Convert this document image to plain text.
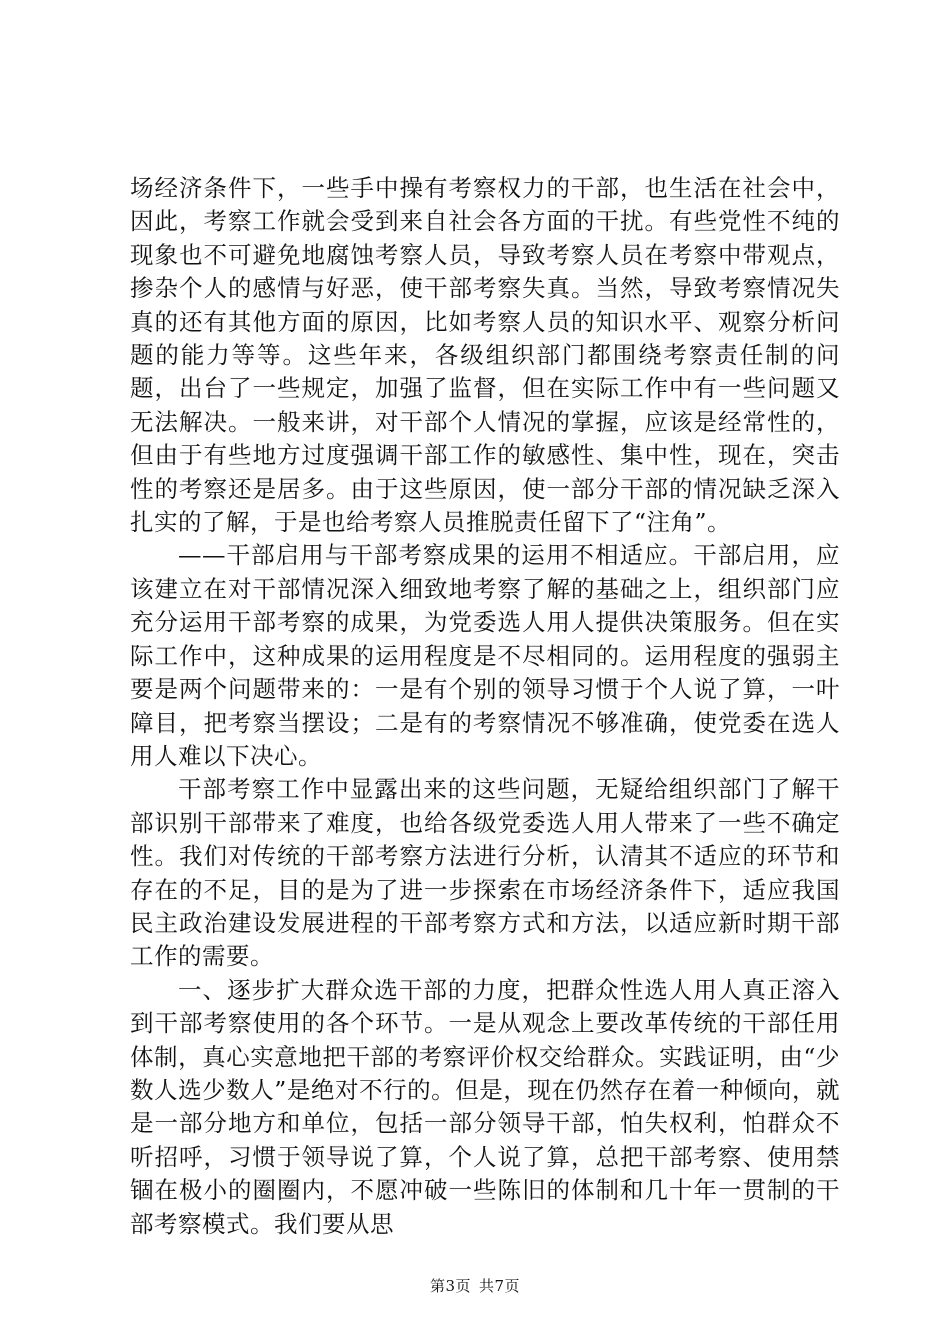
场经济条件下，一些手中操有考察权力的干部，也生活在社会中，因此，考察工作就会受到来自社会各方面的干扰。有些党性不纯的现象也不可避免地腐蚀考察人员，导致考察人员在考察中带观点，掺杂个人的感情与好恶，使干部考察失真。当然，导致考察情况失真的还有其他方面的原因，比如考察人员的知识水平、观察分析问题的能力等等。这些年来，各级组织部门都围绕考察责任制的问题，出台了一些规定，加强了监督，但在实际工作中有一些问题又无法解决。一般来讲，对干部个人情况的掌握，应该是经常性的，但由于有些地方过度强调干部工作的敏感性、集中性，现在，突击性的考察还是居多。由于这些原因，使一部分干部的情况缺乏深入扎实的了解，于是也给考察人员推脱责任留下了“注角”。

——干部启用与干部考察成果的运用不相适应。干部启用，应该建立在对干部情况深入细致地考察了解的基础之上，组织部门应充分运用干部考察的成果，为党委选人用人提供决策服务。但在实际工作中，这种成果的运用程度是不尽相同的。运用程度的强弱主要是两个问题带来的：一是有个别的领导习惯于个人说了算，一叶障目，把考察当摆设；二是有的考察情况不够准确，使党委在选人用人难以下决心。

干部考察工作中显露出来的这些问题，无疑给组织部门了解干部识别干部带来了难度，也给各级党委选人用人带来了一些不确定性。我们对传统的干部考察方法进行分析，认清其不适应的环节和存在的不足，目的是为了进一步探索在市场经济条件下，适应我国民主政治建设发展进程的干部考察方式和方法，以适应新时期干部工作的需要。

一、逐步扩大群众选干部的力度，把群众性选人用人真正溶入到干部考察使用的各个环节。一是从观念上要改革传统的干部任用体制，真心实意地把干部的考察评价权交给群众。实践证明，由“少数人选少数人”是绝对不行的。但是，现在仍然存在着一种倾向，就是一部分地方和单位，包括一部分领导干部，怕失权利，怕群众不听招呼，习惯于领导说了算，个人说了算，总把干部考察、使用禁锢在极小的圈圈内，不愿冲破一些陈旧的体制和几十年一贯制的干部考察模式。我们要从思

第3页 共7页
